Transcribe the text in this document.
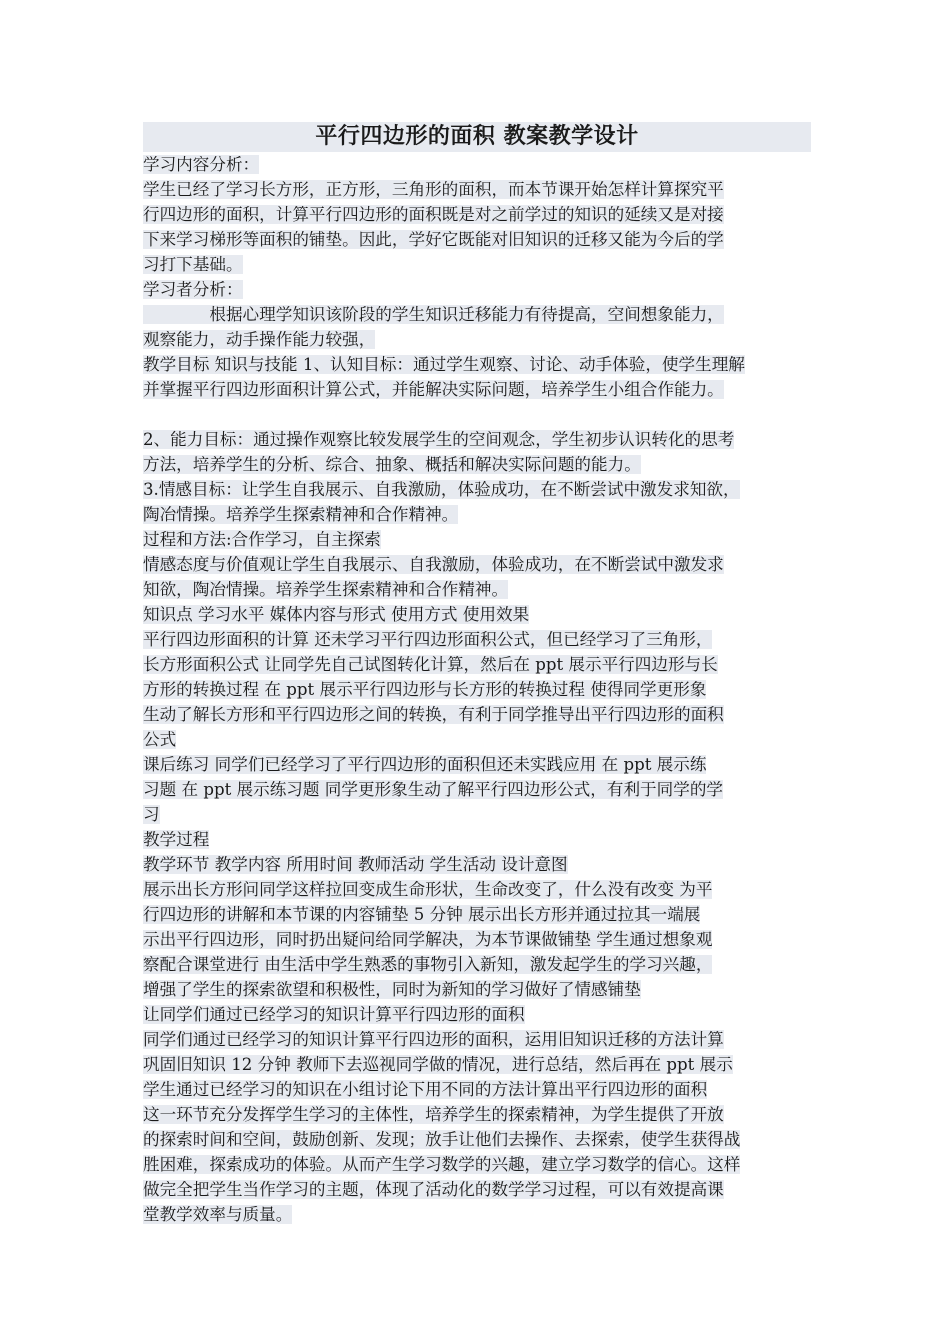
平行四边形的面积 教案教学设计
学习内容分析：
学生已经了学习长方形，正方形，三角形的面积，而本节课开始怎样计算探究平
行四边形的面积，计算平行四边形的面积既是对之前学过的知识的延续又是对接
下来学习梯形等面积的铺垫。因此，学好它既能对旧知识的迁移又能为今后的学
习打下基础。
学习者分析：
　　　　根据心理学知识该阶段的学生知识迁移能力有待提高，空间想象能力，
观察能力，动手操作能力较强，
教学目标 知识与技能 1、认知目标：通过学生观察、讨论、动手体验，使学生理解
并掌握平行四边形面积计算公式，并能解决实际问题，培养学生小组合作能力。
2、能力目标：通过操作观察比较发展学生的空间观念，学生初步认识转化的思考
方法，培养学生的分析、综合、抽象、概括和解决实际问题的能力。
3.情感目标：让学生自我展示、自我激励，体验成功，在不断尝试中激发求知欲，
陶冶情操。培养学生探索精神和合作精神。
过程和方法:合作学习，自主探索
情感态度与价值观让学生自我展示、自我激励，体验成功，在不断尝试中激发求
知欲，陶冶情操。培养学生探索精神和合作精神。
知识点 学习水平 媒体内容与形式 使用方式 使用效果
平行四边形面积的计算 还未学习平行四边形面积公式，但已经学习了三角形，
长方形面积公式 让同学先自己试图转化计算，然后在 ppt 展示平行四边形与长
方形的转换过程 在 ppt 展示平行四边形与长方形的转换过程 使得同学更形象
生动了解长方形和平行四边形之间的转换，有利于同学推导出平行四边形的面积
公式
课后练习 同学们已经学习了平行四边形的面积但还未实践应用 在 ppt 展示练
习题 在 ppt 展示练习题 同学更形象生动了解平行四边形公式，有利于同学的学
习
教学过程
教学环节 教学内容 所用时间 教师活动 学生活动 设计意图
展示出长方形问同学这样拉回变成生命形状，生命改变了，什么没有改变 为平
行四边形的讲解和本节课的内容铺垫 5 分钟 展示出长方形并通过拉其一端展
示出平行四边形，同时扔出疑问给同学解决，为本节课做铺垫 学生通过想象观
察配合课堂进行 由生活中学生熟悉的事物引入新知，激发起学生的学习兴趣，
增强了学生的探索欲望和积极性，同时为新知的学习做好了情感铺垫
让同学们通过已经学习的知识计算平行四边形的面积
同学们通过已经学习的知识计算平行四边形的面积，运用旧知识迁移的方法计算
巩固旧知识 12 分钟 教师下去巡视同学做的情况，进行总结，然后再在 ppt 展示
学生通过已经学习的知识在小组讨论下用不同的方法计算出平行四边形的面积
这一环节充分发挥学生学习的主体性，培养学生的探索精神，为学生提供了开放
的探索时间和空间，鼓励创新、发现；放手让他们去操作、去探索，使学生获得战
胜困难，探索成功的体验。从而产生学习数学的兴趣，建立学习数学的信心。这样
做完全把学生当作学习的主题，体现了活动化的数学学习过程，可以有效提高课
堂教学效率与质量。
